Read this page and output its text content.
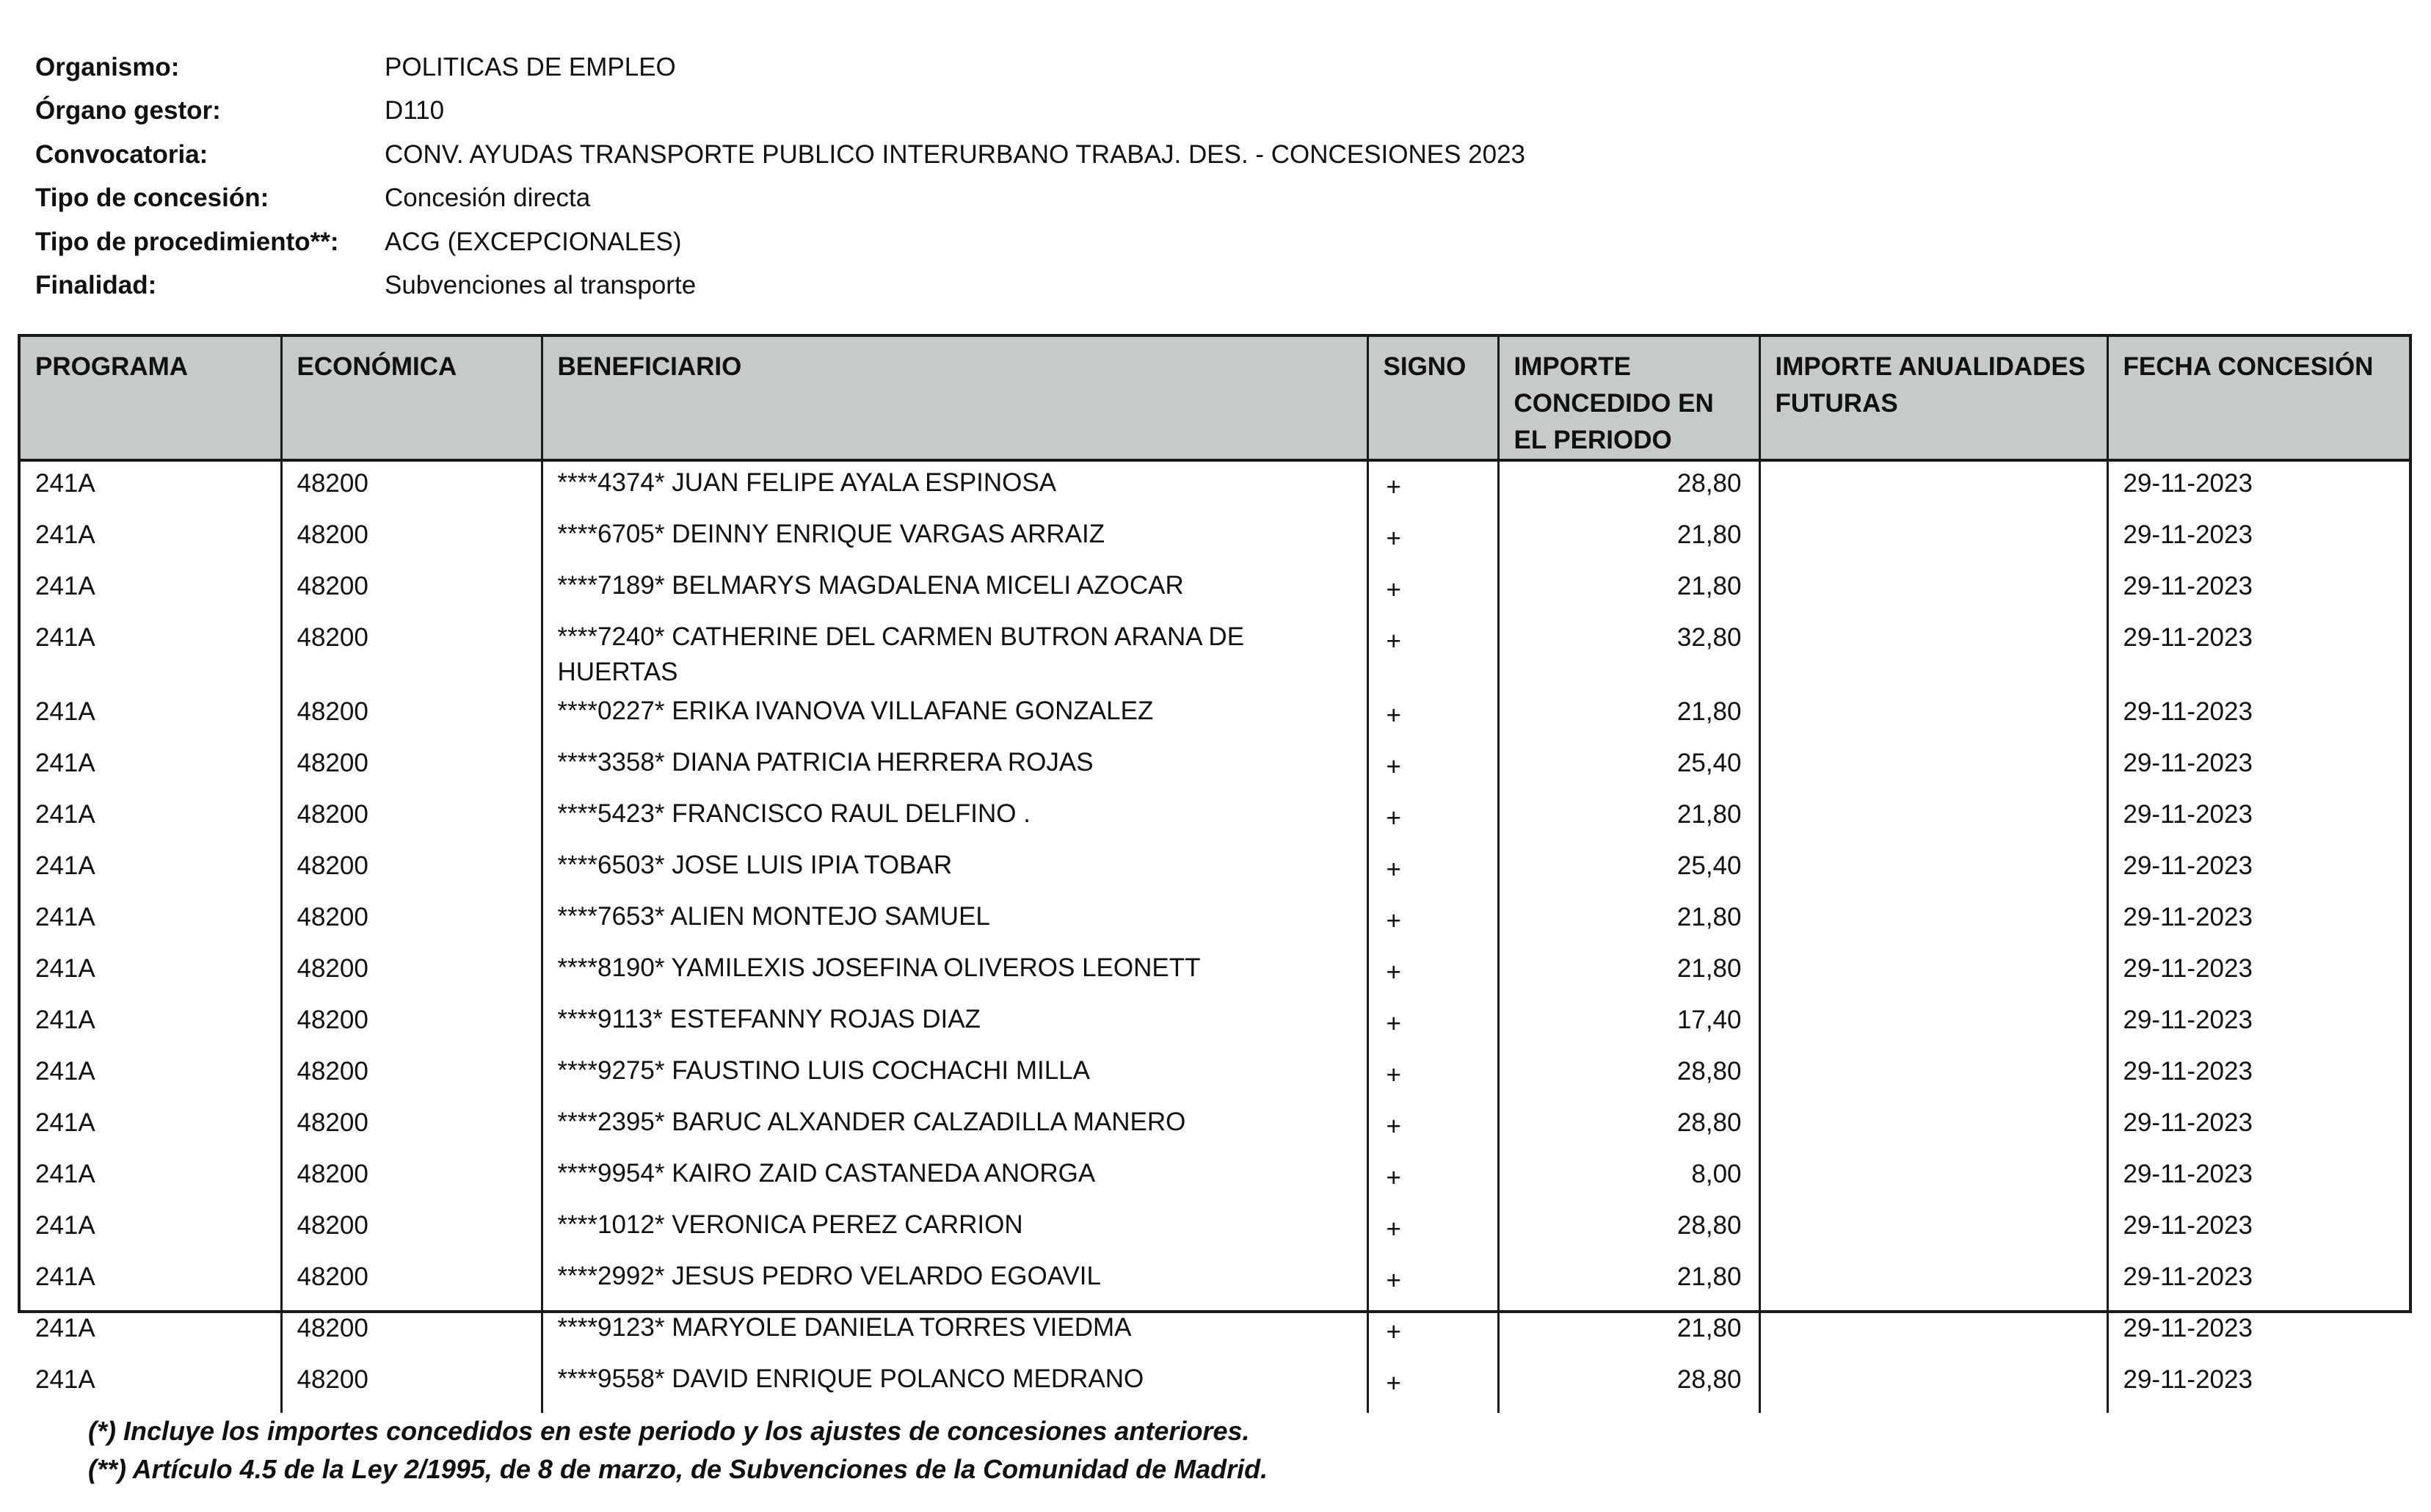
Organismo:	POLITICAS DE EMPLEO
Órgano gestor:	D110
Convocatoria:	CONV. AYUDAS TRANSPORTE PUBLICO INTERURBANO TRABAJ. DES. - CONCESIONES 2023
Tipo de concesión:	Concesión directa
Tipo de procedimiento**:	ACG (EXCEPCIONALES)
Finalidad:	Subvenciones al transporte
PROGRAMA	ECONÓMICA	BENEFICIARIO	SIGNO	IMPORTE CONCEDIDO EN EL PERIODO	IMPORTE ANUALIDADES FUTURAS	FECHA CONCESIÓN
241A	48200	****4374* JUAN FELIPE AYALA ESPINOSA	+	28,80		29-11-2023
241A	48200	****6705* DEINNY ENRIQUE VARGAS ARRAIZ	+	21,80		29-11-2023
241A	48200	****7189* BELMARYS MAGDALENA MICELI AZOCAR	+	21,80		29-11-2023
241A	48200	****7240* CATHERINE DEL CARMEN BUTRON ARANA DE HUERTAS	+	32,80		29-11-2023
241A	48200	****0227* ERIKA IVANOVA VILLAFANE GONZALEZ	+	21,80		29-11-2023
241A	48200	****3358* DIANA PATRICIA HERRERA ROJAS	+	25,40		29-11-2023
241A	48200	****5423* FRANCISCO RAUL DELFINO .	+	21,80		29-11-2023
241A	48200	****6503* JOSE LUIS IPIA TOBAR	+	25,40		29-11-2023
241A	48200	****7653* ALIEN MONTEJO SAMUEL	+	21,80		29-11-2023
241A	48200	****8190* YAMILEXIS JOSEFINA OLIVEROS LEONETT	+	21,80		29-11-2023
241A	48200	****9113* ESTEFANNY ROJAS DIAZ	+	17,40		29-11-2023
241A	48200	****9275* FAUSTINO LUIS COCHACHI MILLA	+	28,80		29-11-2023
241A	48200	****2395* BARUC ALXANDER CALZADILLA MANERO	+	28,80		29-11-2023
241A	48200	****9954* KAIRO ZAID CASTANEDA ANORGA	+	8,00		29-11-2023
241A	48200	****1012* VERONICA PEREZ CARRION	+	28,80		29-11-2023
241A	48200	****2992* JESUS PEDRO VELARDO EGOAVIL	+	21,80		29-11-2023
241A	48200	****9123* MARYOLE DANIELA TORRES VIEDMA	+	21,80		29-11-2023
241A	48200	****9558* DAVID ENRIQUE POLANCO MEDRANO	+	28,80		29-11-2023

(*) Incluye los importes concedidos en este periodo y los ajustes de concesiones anteriores.
(**) Artículo 4.5 de la Ley 2/1995, de 8 de marzo, de Subvenciones de la Comunidad de Madrid.
